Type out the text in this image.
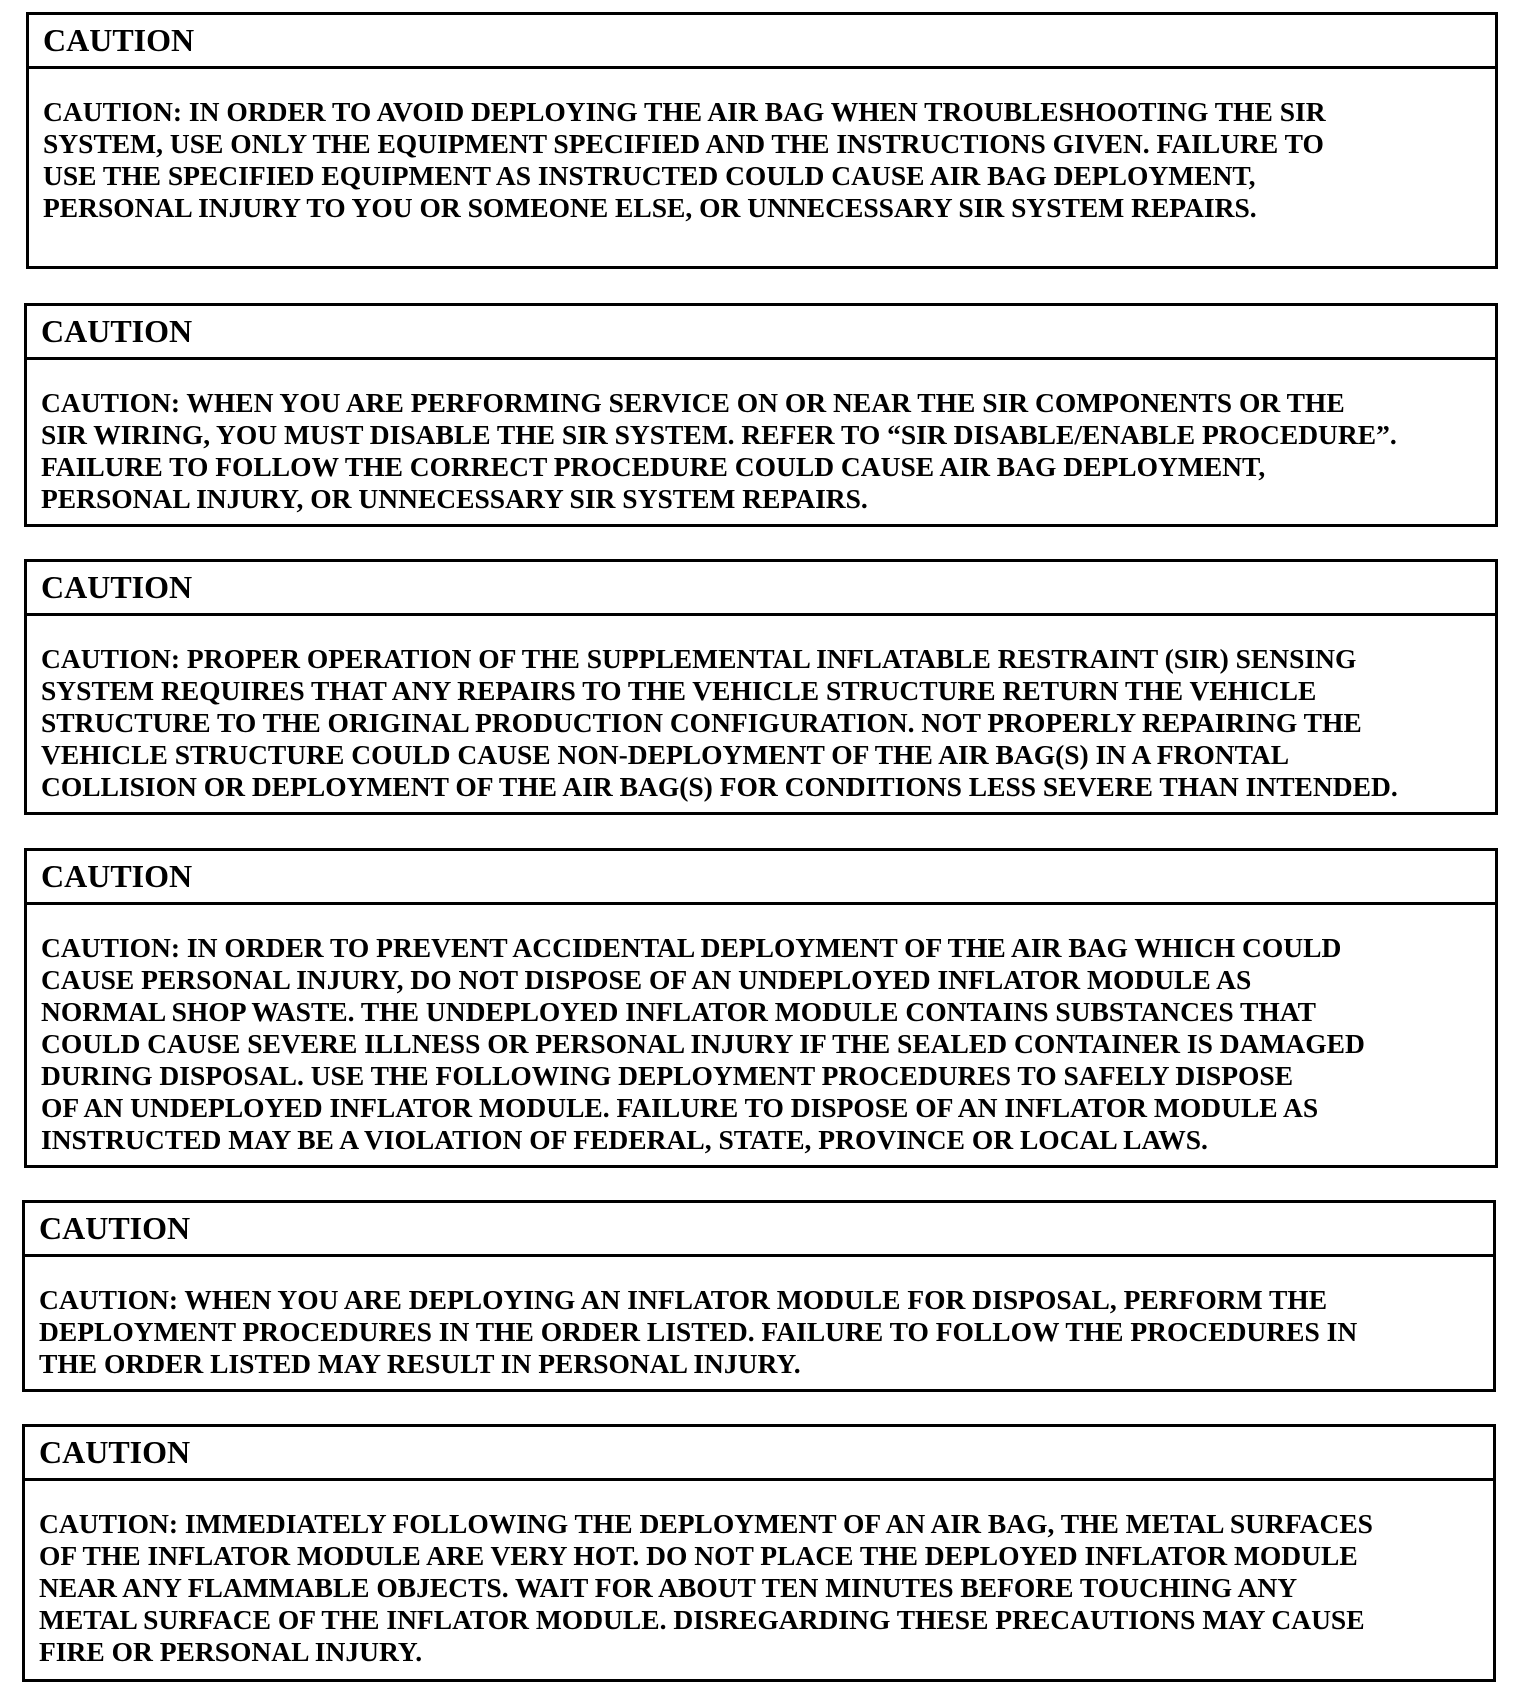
CAUTION
CAUTION: IN ORDER TO AVOID DEPLOYING THE AIR BAG WHEN TROUBLESHOOTING THE SIR
SYSTEM, USE ONLY THE EQUIPMENT SPECIFIED AND THE INSTRUCTIONS GIVEN. FAILURE TO
USE THE SPECIFIED EQUIPMENT AS INSTRUCTED COULD CAUSE AIR BAG DEPLOYMENT,
PERSONAL INJURY TO YOU OR SOMEONE ELSE, OR UNNECESSARY SIR SYSTEM REPAIRS.
CAUTION
CAUTION: WHEN YOU ARE PERFORMING SERVICE ON OR NEAR THE SIR COMPONENTS OR THE
SIR WIRING, YOU MUST DISABLE THE SIR SYSTEM. REFER TO “SIR DISABLE/ENABLE PROCEDURE”.
FAILURE TO FOLLOW THE CORRECT PROCEDURE COULD CAUSE AIR BAG DEPLOYMENT,
PERSONAL INJURY, OR UNNECESSARY SIR SYSTEM REPAIRS.
CAUTION
CAUTION: PROPER OPERATION OF THE SUPPLEMENTAL INFLATABLE RESTRAINT (SIR) SENSING
SYSTEM REQUIRES THAT ANY REPAIRS TO THE VEHICLE STRUCTURE RETURN THE VEHICLE
STRUCTURE TO THE ORIGINAL PRODUCTION CONFIGURATION. NOT PROPERLY REPAIRING THE
VEHICLE STRUCTURE COULD CAUSE NON-DEPLOYMENT OF THE AIR BAG(S) IN A FRONTAL
COLLISION OR DEPLOYMENT OF THE AIR BAG(S) FOR CONDITIONS LESS SEVERE THAN INTENDED.
CAUTION
CAUTION: IN ORDER TO PREVENT ACCIDENTAL DEPLOYMENT OF THE AIR BAG WHICH COULD
CAUSE PERSONAL INJURY, DO NOT DISPOSE OF AN UNDEPLOYED INFLATOR MODULE AS
NORMAL SHOP WASTE. THE UNDEPLOYED INFLATOR MODULE CONTAINS SUBSTANCES THAT
COULD CAUSE SEVERE ILLNESS OR PERSONAL INJURY IF THE SEALED CONTAINER IS DAMAGED
DURING DISPOSAL. USE THE FOLLOWING DEPLOYMENT PROCEDURES TO SAFELY DISPOSE
OF AN UNDEPLOYED INFLATOR MODULE. FAILURE TO DISPOSE OF AN INFLATOR MODULE AS
INSTRUCTED MAY BE A VIOLATION OF FEDERAL, STATE, PROVINCE OR LOCAL LAWS.
CAUTION
CAUTION: WHEN YOU ARE DEPLOYING AN INFLATOR MODULE FOR DISPOSAL, PERFORM THE
DEPLOYMENT PROCEDURES IN THE ORDER LISTED. FAILURE TO FOLLOW THE PROCEDURES IN
THE ORDER LISTED MAY RESULT IN PERSONAL INJURY.
CAUTION
CAUTION: IMMEDIATELY FOLLOWING THE DEPLOYMENT OF AN AIR BAG, THE METAL SURFACES
OF THE INFLATOR MODULE ARE VERY HOT. DO NOT PLACE THE DEPLOYED INFLATOR MODULE
NEAR ANY FLAMMABLE OBJECTS. WAIT FOR ABOUT TEN MINUTES BEFORE TOUCHING ANY
METAL SURFACE OF THE INFLATOR MODULE. DISREGARDING THESE PRECAUTIONS MAY CAUSE
FIRE OR PERSONAL INJURY.
